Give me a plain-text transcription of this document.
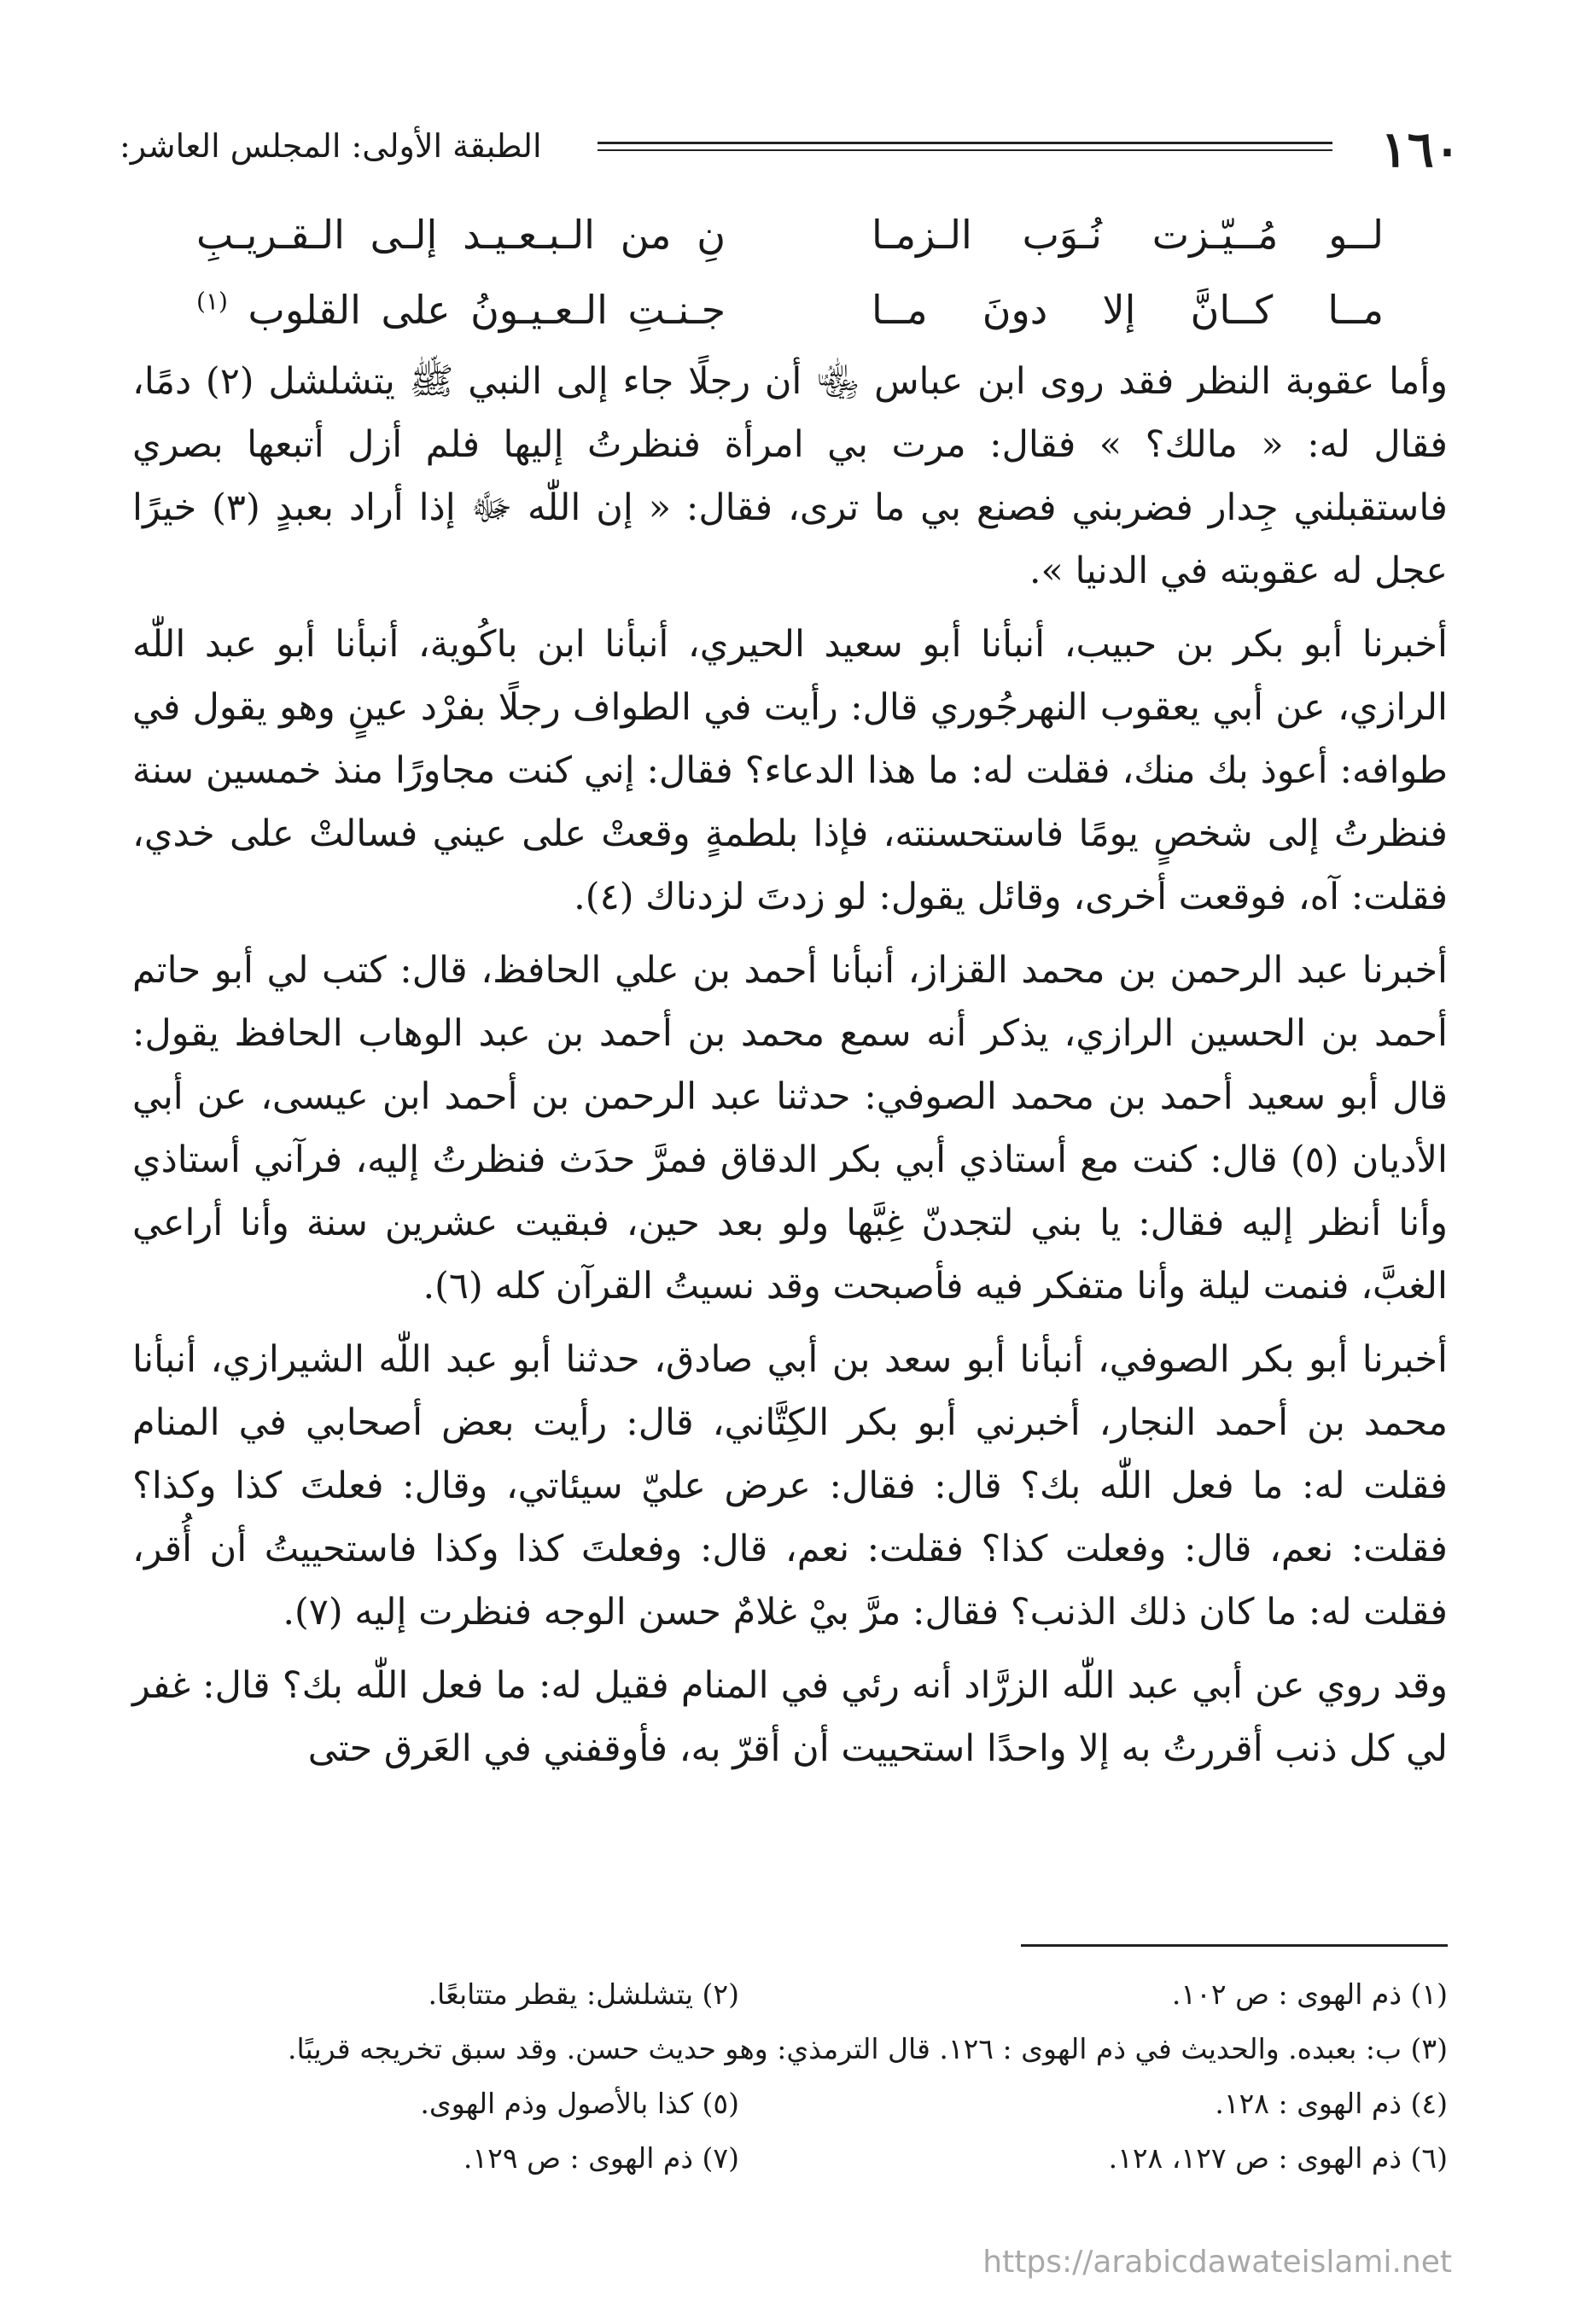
١٦٠
الطبقة الأولى: المجلس العاشر:
لــو مُــيّـزت نُـوَب الـزمـا
نِ من الـبـعـيـد إلـى الـقـريـبِ
مــا كــانَّ إلا دونَ مــا
جـنـتِ الـعـيـونُ على القلوب $^{(١)}$

وأما عقوبة النظر فقد روى ابن عباس ﵄ أن رجلًا جاء إلى النبي ﷺ يتشلشل (٢) دمًا، فقال له: « مالك؟ » فقال: مرت بي امرأة فنظرتُ إليها فلم أزل أتبعها بصري فاستقبلني جِدار فضربني فصنع بي ما ترى، فقال: « إن اللّٰه ﷻ إذا أراد بعبدٍ (٣) خيرًا عجل له عقوبته في الدنيا ».

أخبرنا أبو بكر بن حبيب، أنبأنا أبو سعيد الحيري، أنبأنا ابن باكُوية، أنبأنا أبو عبد اللّٰه الرازي، عن أبي يعقوب النهرجُوري قال: رأيت في الطواف رجلًا بفرْد عينٍ وهو يقول في طوافه: أعوذ بك منك، فقلت له: ما هذا الدعاء؟ فقال: إني كنت مجاورًا منذ خمسين سنة فنظرتُ إلى شخصٍ يومًا فاستحسنته، فإذا بلطمةٍ وقعتْ على عيني فسالتْ على خدي، فقلت: آه، فوقعت أخرى، وقائل يقول: لو زدتَ لزدناك (٤).

أخبرنا عبد الرحمن بن محمد القزاز، أنبأنا أحمد بن علي الحافظ، قال: كتب لي أبو حاتم أحمد بن الحسين الرازي، يذكر أنه سمع محمد بن أحمد بن عبد الوهاب الحافظ يقول: قال أبو سعيد أحمد بن محمد الصوفي: حدثنا عبد الرحمن بن أحمد ابن عيسى، عن أبي الأديان (٥) قال: كنت مع أستاذي أبي بكر الدقاق فمرَّ حدَث فنظرتُ إليه، فرآني أستاذي وأنا أنظر إليه فقال: يا بني لتجدنّ غِبَّها ولو بعد حين، فبقيت عشرين سنة وأنا أراعي الغبَّ، فنمت ليلة وأنا متفكر فيه فأصبحت وقد نسيتُ القرآن كله (٦).

أخبرنا أبو بكر الصوفي، أنبأنا أبو سعد بن أبي صادق، حدثنا أبو عبد اللّٰه الشيرازي، أنبأنا محمد بن أحمد النجار، أخبرني أبو بكر الكِتَّاني، قال: رأيت بعض أصحابي في المنام فقلت له: ما فعل اللّٰه بك؟ قال: فقال: عرض عليّ سيئاتي، وقال: فعلتَ كذا وكذا؟ فقلت: نعم، قال: وفعلت كذا؟ فقلت: نعم، قال: وفعلتَ كذا وكذا فاستحييتُ أن أُقر، فقلت له: ما كان ذلك الذنب؟ فقال: مرَّ بيْ غلامٌ حسن الوجه فنظرت إليه (٧).

وقد روي عن أبي عبد اللّٰه الزرَّاد أنه رئي في المنام فقيل له: ما فعل اللّٰه بك؟ قال: غفر لي كل ذنب أقررتُ به إلا واحدًا استحييت أن أقرّ به، فأوقفني في العَرق حتى

(١) ذم الهوى : ص ١٠٢.
(٢) يتشلشل: يقطر متتابعًا.
(٣) ب: بعبده. والحديث في ذم الهوى : ١٢٦. قال الترمذي: وهو حديث حسن. وقد سبق تخريجه قريبًا.
(٤) ذم الهوى : ١٢٨.
(٥) كذا بالأصول وذم الهوى.
(٦) ذم الهوى : ص ١٢٧، ١٢٨.
(٧) ذم الهوى : ص ١٢٩.
https://arabicdawateislami.net
